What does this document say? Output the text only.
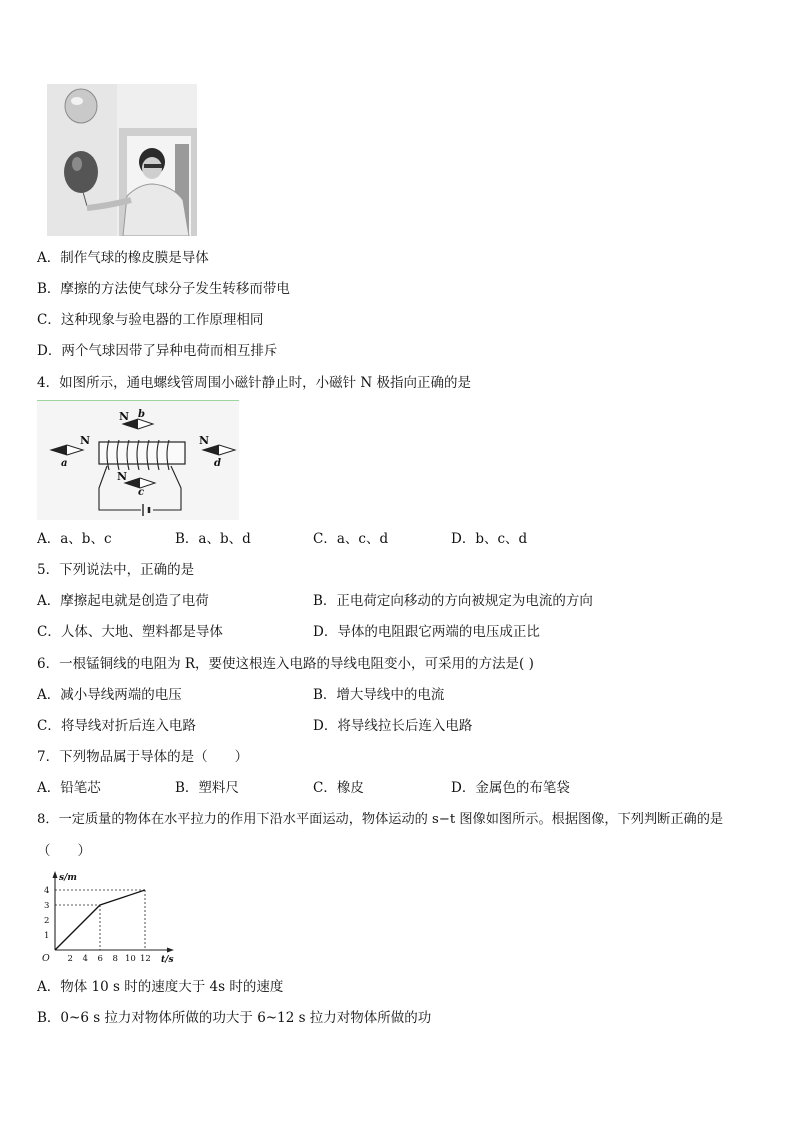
A．制作气球的橡皮膜是导体
B．摩擦的方法使气球分子发生转移而带电
C．这种现象与验电器的工作原理相同
D．两个气球因带了异种电荷而相互排斥
4．如图所示，通电螺线管周围小磁针静止时，小磁针 N 极指向正确的是
N
a
N b
N
c
N
d
A．a、b、c	B．a、b、d	C．a、c、d	D．b、c、d
5．下列说法中，正确的是
A．摩擦起电就是创造了电荷	B．正电荷定向移动的方向被规定为电流的方向
C．人体、大地、塑料都是导体	D．导体的电阻跟它两端的电压成正比
6．一根锰铜线的电阻为 R，要使这根连入电路的导线电阻变小，可采用的方法是( )
A．减小导线两端的电压	B．增大导线中的电流
C．将导线对折后连入电路	D．将导线拉长后连入电路
7．下列物品属于导体的是（　　）
A．铅笔芯	B．塑料尺	C．橡皮	D．金属色的布笔袋
8．一定质量的物体在水平拉力的作用下沿水平面运动，物体运动的 s−t 图像如图所示。根据图像，下列判断正确的是
（　　）
s/m
t/s
O
1
2
3
4
2 4 6 8 10 12
A．物体 10 s 时的速度大于 4s 时的速度
B．0~6 s 拉力对物体所做的功大于 6~12 s 拉力对物体所做的功
